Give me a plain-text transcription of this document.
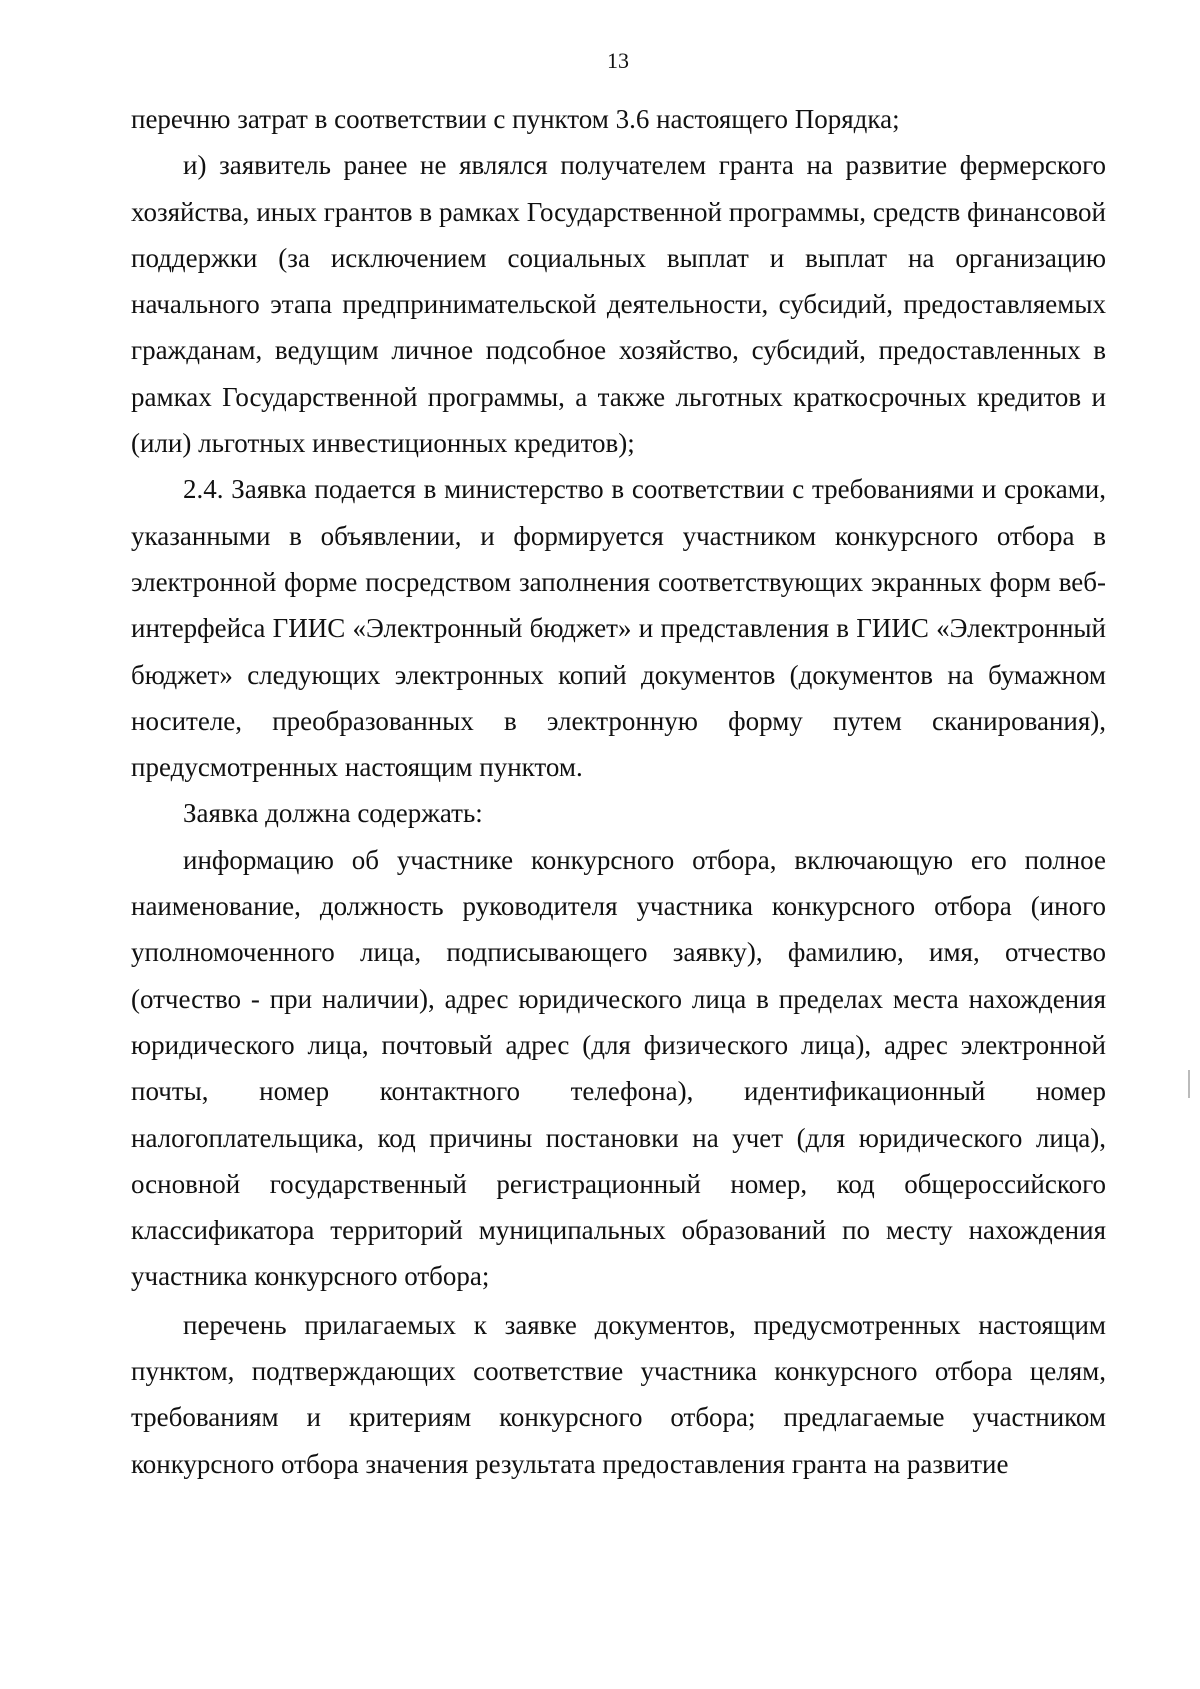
13

перечню затрат в соответствии с пунктом 3.6 настоящего Порядка;

и) заявитель ранее не являлся получателем гранта на развитие фермерского хозяйства, иных грантов в рамках Государственной программы, средств финансовой поддержки (за исключением социальных выплат и выплат на организацию начального этапа предпринимательской деятельности, субсидий, предоставляемых гражданам, ведущим личное подсобное хозяйство, субсидий, предоставленных в рамках Государственной программы, а также льготных краткосрочных кредитов и (или) льготных инвестиционных кредитов);

2.4. Заявка подается в министерство в соответствии с требованиями и сроками, указанными в объявлении, и формируется участником конкурсного отбора в электронной форме посредством заполнения соответствующих экранных форм веб-интерфейса ГИИС «Электронный бюджет» и представления в ГИИС «Электронный бюджет» следующих электронных копий документов (документов на бумажном носителе, преобразованных в электронную форму путем сканирования), предусмотренных настоящим пунктом.

Заявка должна содержать:

информацию об участнике конкурсного отбора, включающую его полное наименование, должность руководителя участника конкурсного отбора (иного уполномоченного лица, подписывающего заявку), фамилию, имя, отчество (отчество - при наличии), адрес юридического лица в пределах места нахождения юридического лица, почтовый адрес (для физического лица), адрес электронной почты, номер контактного телефона), идентификационный номер налогоплательщика, код причины постановки на учет (для юридического лица), основной государственный регистрационный номер, код общероссийского классификатора территорий муниципальных образований по месту нахождения участника конкурсного отбора;

перечень прилагаемых к заявке документов, предусмотренных настоящим пунктом, подтверждающих соответствие участника конкурсного отбора целям, требованиям и критериям конкурсного отбора; предлагаемые участником конкурсного отбора значения результата предоставления гранта на развитие
